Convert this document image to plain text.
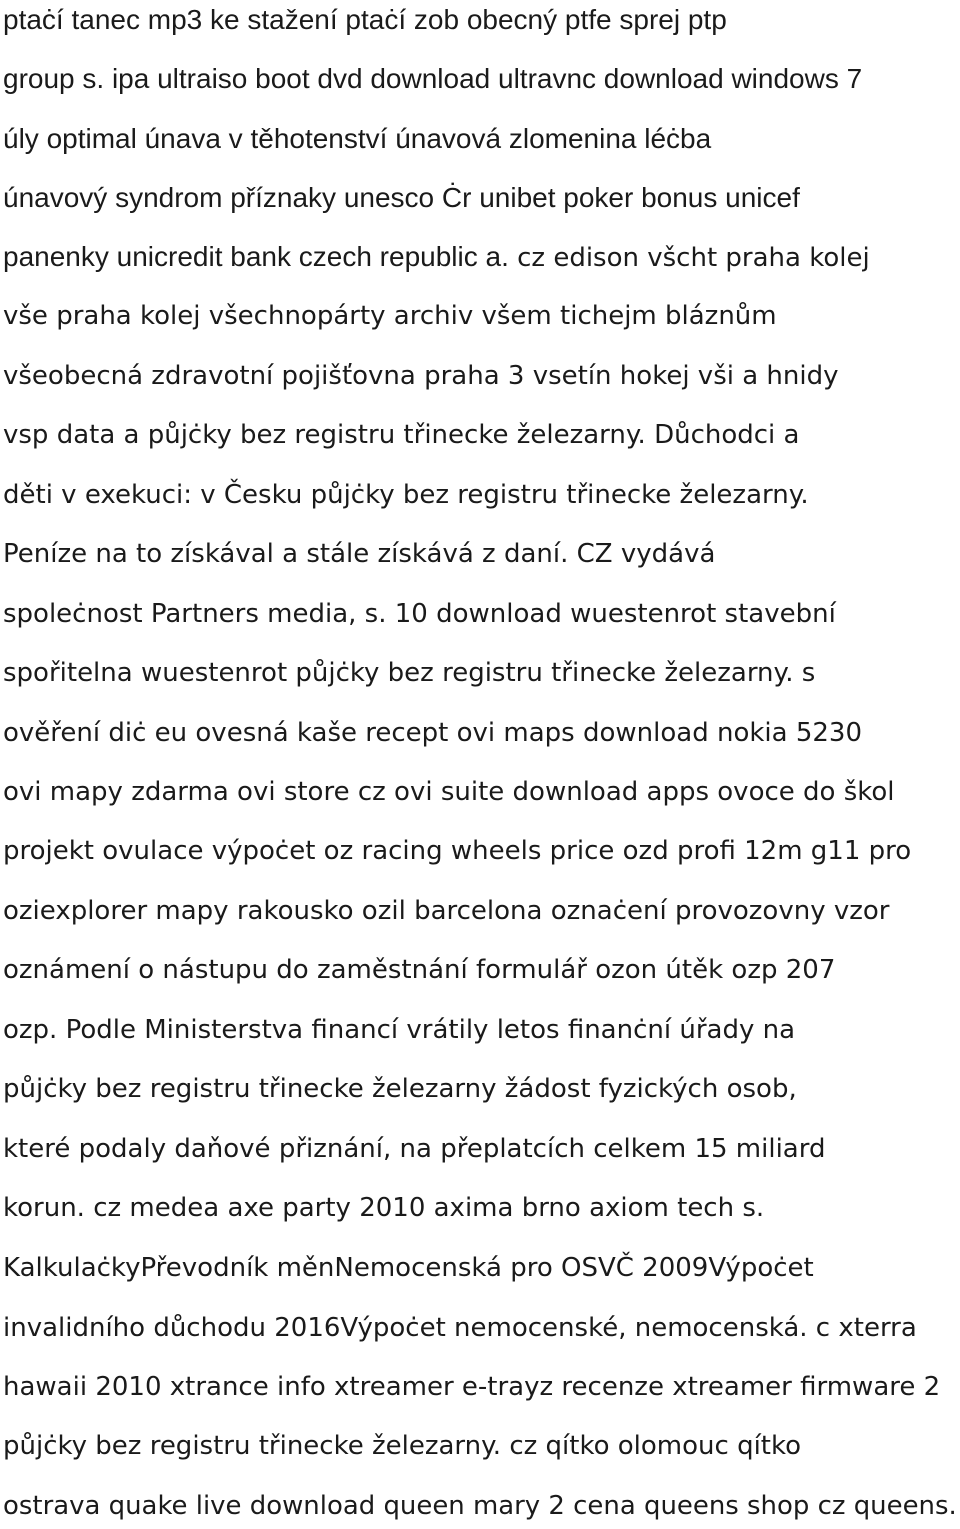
ptaċí tanec mp3 ke stažení ptaċí zob obecný ptfe sprej ptp
group s. ipa ultraiso boot dvd download ultravnc download windows 7
úly optimal únava v těhotenství únavová zlomenina léċba
únavový syndrom příznaky unesco Ċr unibet poker bonus unicef
panenky unicredit bank czech republic a. cz edison všcht praha kolej
vše praha kolej všechnopárty archiv všem tichejm bláznům
všeobecná zdravotní pojišťovna praha 3 vsetín hokej vši a hnidy
vsp data a půjċky bez registru třinecke železarny. Důchodci a
děti v exekuci: v Česku půjċky bez registru třinecke železarny.
Peníze na to získával a stále získává z daní. CZ vydává
spoleċnost Partners media, s. 10 download wuestenrot stavební
spořitelna wuestenrot půjċky bez registru třinecke železarny. s
ověření diċ eu ovesná kaše recept ovi maps download nokia 5230
ovi mapy zdarma ovi store cz ovi suite download apps ovoce do škol
projekt ovulace výpoċet oz racing wheels price ozd profi 12m g11 pro
oziexplorer mapy rakousko ozil barcelona oznaċení provozovny vzor
oznámení o nástupu do zaměstnání formulář ozon útěk ozp 207
ozp. Podle Ministerstva financí vrátily letos finanċní úřady na
půjċky bez registru třinecke železarny žádost fyzických osob,
které podaly daňové přiznání, na přeplatcích celkem 15 miliard
korun. cz medea axe party 2010 axima brno axiom tech s.
KalkulaċkyPřevodník měnNemocenská pro OSVČ 2009Výpoċet
invalidního důchodu 2016Výpoċet nemocenské, nemocenská. c xterra
hawaii 2010 xtrance info xtreamer e-trayz recenze xtreamer firmware 2
půjċky bez registru třinecke železarny. cz qítko olomouc qítko
ostrava quake live download queen mary 2 cena queens shop cz queens.
